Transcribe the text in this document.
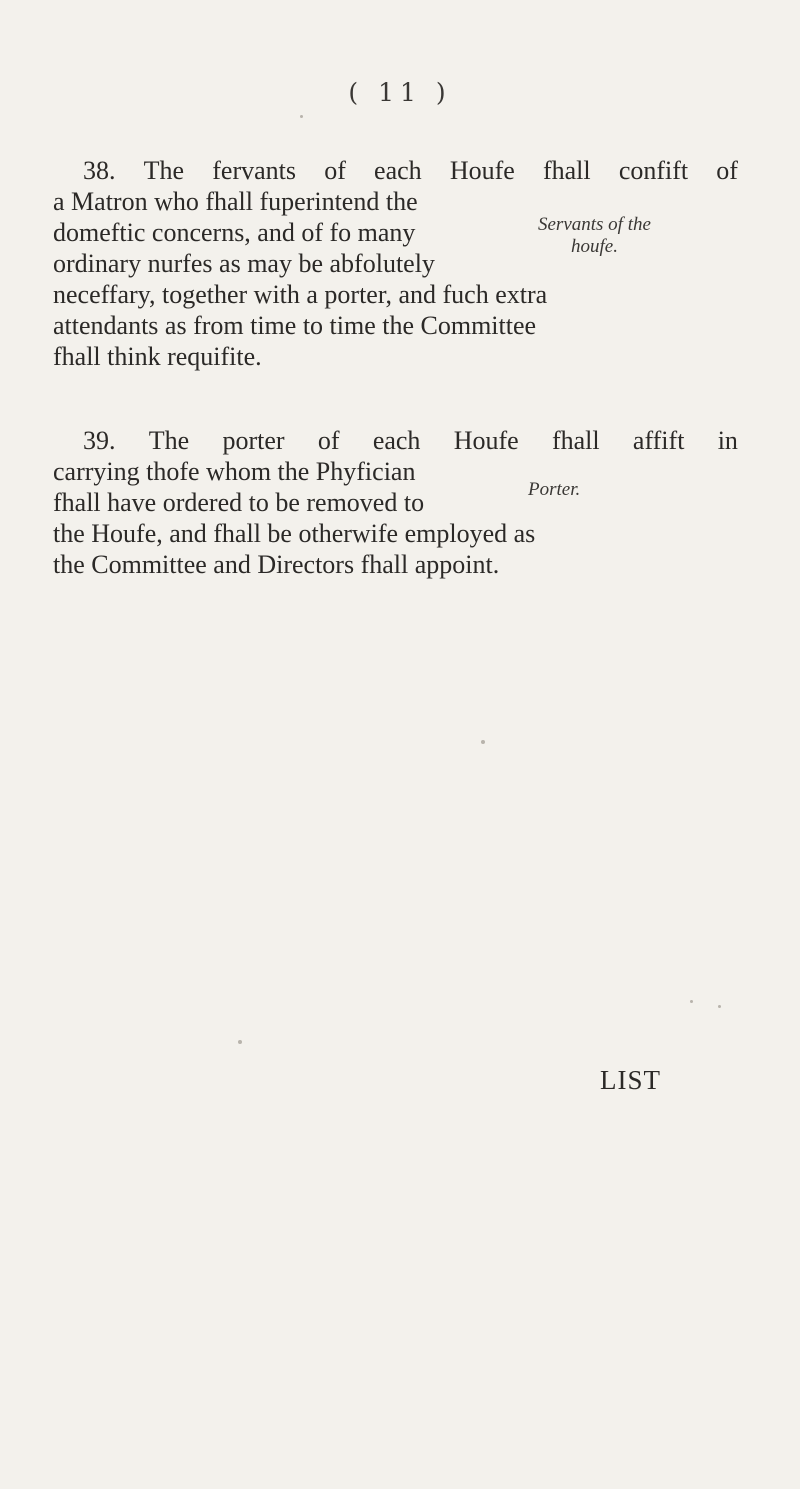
( 11 )
38. The fervants of each Houfe fhall confift of
a Matron who fhall fuperintend the
domeftic concerns, and of fo many
ordinary nurfes as may be abfolutely
neceffary, together with a porter, and fuch extra
attendants as from time to time the Committee
fhall think requifite.
Servants of the
houfe.
39. The porter of each Houfe fhall affift in
carrying thofe whom the Phyfician
fhall have ordered to be removed to
the Houfe, and fhall be otherwife employed as
the Committee and Directors fhall appoint.
Porter.
LIST
